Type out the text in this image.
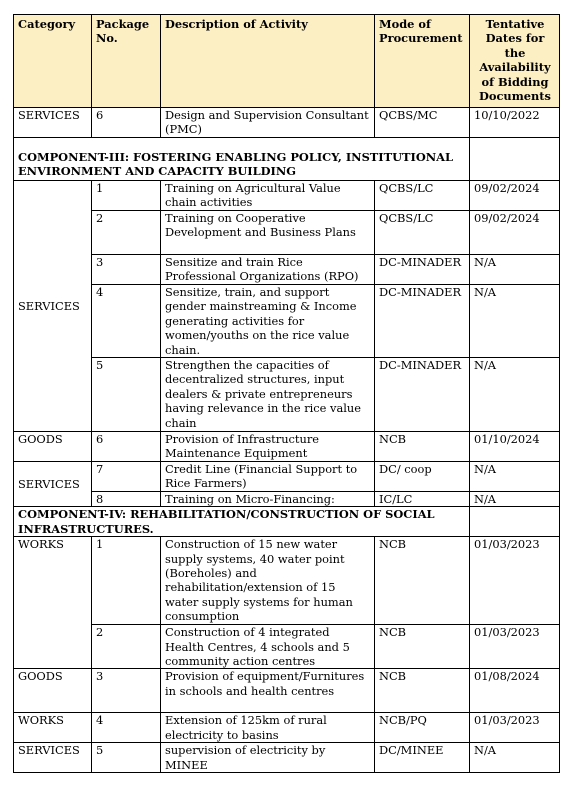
Category	Package No.	Description of Activity	Mode of Procurement	Tentative Dates for the Availability of Bidding Documents
SERVICES	6	Design and Supervision Consultant (PMC)	QCBS/MC	10/10/2022
COMPONENT-III: FOSTERING ENABLING POLICY, INSTITUTIONAL ENVIRONMENT AND CAPACITY BUILDING				
SERVICES	1	Training on Agricultural Value chain activities	QCBS/LC	09/02/2024
	2	Training on Cooperative Development and Business Plans	QCBS/LC	09/02/2024
	3	Sensitize and train Rice Professional Organizations (RPO)	DC-MINADER	N/A
	4	Sensitize, train, and support gender mainstreaming & Income generating activities for women/youths on the rice value chain.	DC-MINADER	N/A
	5	Strengthen the capacities of decentralized structures, input dealers & private entrepreneurs having relevance in the rice value chain	DC-MINADER	N/A
GOODS	6	Provision of Infrastructure Maintenance Equipment	NCB	01/10/2024
SERVICES	7	Credit Line (Financial Support to Rice Farmers)	DC/ coop	N/A
	8	Training on Micro-Financing:	IC/LC	N/A
COMPONENT-IV: REHABILITATION/CONSTRUCTION OF SOCIAL INFRASTRUCTURES.				
WORKS	1	Construction of 15 new water supply systems, 40 water point (Boreholes) and rehabilitation/extension of 15 water supply systems for human consumption	NCB	01/03/2023
	2	Construction of 4 integrated Health Centres, 4 schools and 5 community action centres	NCB	01/03/2023
GOODS	3	Provision of equipment/Furnitures in schools and health centres	NCB	01/08/2024
WORKS	4	Extension of 125km of rural electricity to basins	NCB/PQ	01/03/2023
SERVICES	5	supervision of electricity by MINEE	DC/MINEE	N/A
